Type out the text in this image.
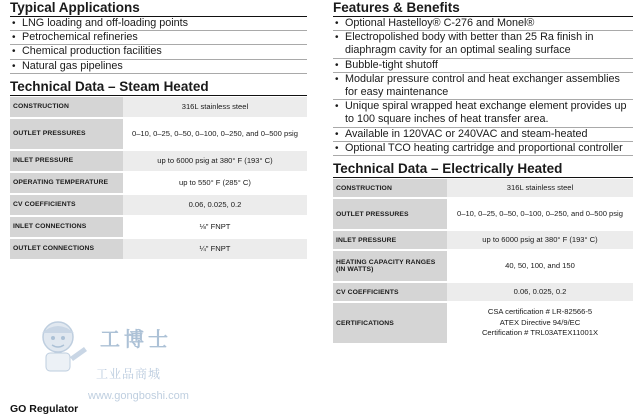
Typical Applications
• LNG loading and off-loading points
• Petrochemical refineries
• Chemical production facilities
• Natural gas pipelines
Technical Data – Steam Heated
CONSTRUCTION	316L stainless steel
OUTLET PRESSURES	0–10, 0–25, 0–50, 0–100, 0–250, and 0–500 psig
INLET PRESSURE	up to 6000 psig at 380° F (193° C)
OPERATING TEMPERATURE	up to 550° F (285° C)
CV COEFFICIENTS	0.06, 0.025, 0.2
INLET CONNECTIONS	⅛" FNPT
OUTLET CONNECTIONS	¼" FNPT
Features & Benefits
• Optional Hastelloy® C-276 and Monel®
• Electropolished body with better than 25 Ra finish in diaphragm cavity for an optimal sealing surface
• Bubble-tight shutoff
• Modular pressure control and heat exchanger assemblies for easy maintenance
• Unique spiral wrapped heat exchange element provides up to 100 square inches of heat transfer area.
• Available in 120VAC or 240VAC and steam-heated
• Optional TCO heating cartridge and proportional controller
Technical Data – Electrically Heated
CONSTRUCTION	316L stainless steel
OUTLET PRESSURES	0–10, 0–25, 0–50, 0–100, 0–250, and 0–500 psig
INLET PRESSURE	up to 6000 psig at 380° F (193° C)
HEATING CAPACITY RANGES (IN WATTS)	40, 50, 100, and 150
CV COEFFICIENTS	0.06, 0.025, 0.2
CERTIFICATIONS	CSA certification # LR-82566-5
ATEX Directive 94/9/EC
Certification # TRL03ATEX11001X
工博士
工业品商城
www.gongboshi.com
GO Regulator
